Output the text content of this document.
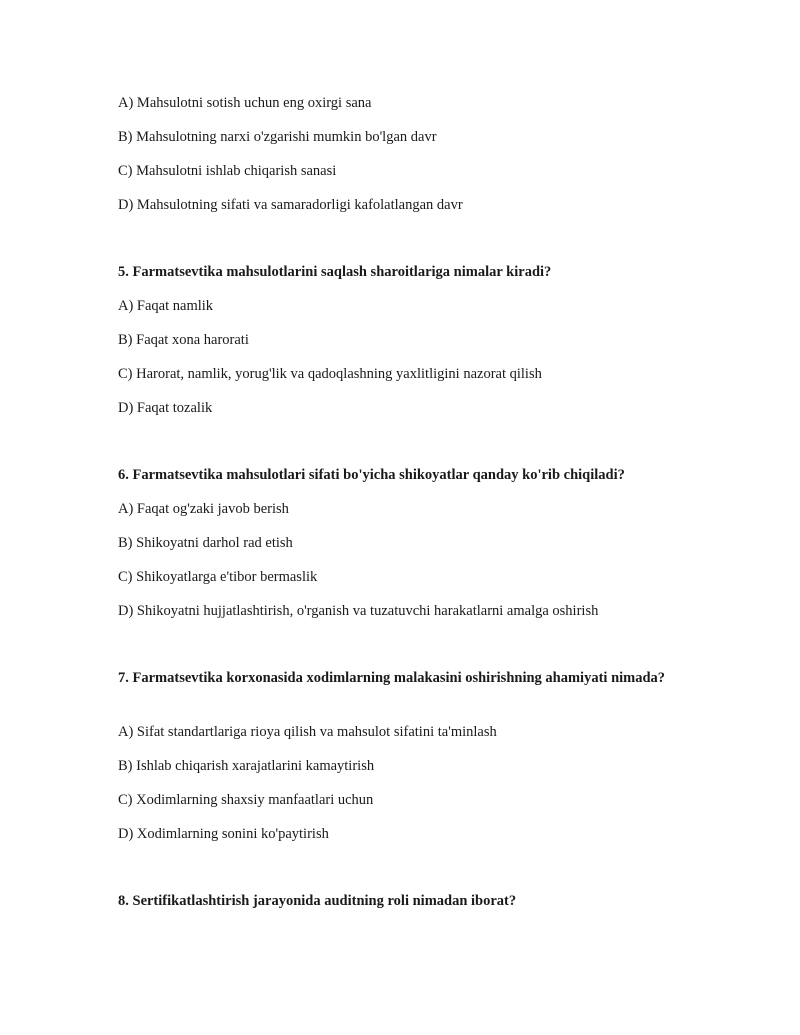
A) Mahsulotni sotish uchun eng oxirgi sana
B) Mahsulotning narxi o'zgarishi mumkin bo'lgan davr
C) Mahsulotni ishlab chiqarish sanasi
D) Mahsulotning sifati va samaradorligi kafolatlangan davr
5. Farmatsevtika mahsulotlarini saqlash sharoitlariga nimalar kiradi?
A) Faqat namlik
B) Faqat xona harorati
C) Harorat, namlik, yorug'lik va qadoqlashning yaxlitligini nazorat qilish
D) Faqat tozalik
6. Farmatsevtika mahsulotlari sifati bo'yicha shikoyatlar qanday ko'rib chiqiladi?
A) Faqat og'zaki javob berish
B) Shikoyatni darhol rad etish
C) Shikoyatlarga e'tibor bermaslik
D) Shikoyatni hujjatlashtirish, o'rganish va tuzatuvchi harakatlarni amalga oshirish
7. Farmatsevtika korxonasida xodimlarning malakasini oshirishning ahamiyati nimada?
A) Sifat standartlariga rioya qilish va mahsulot sifatini ta'minlash
B) Ishlab chiqarish xarajatlarini kamaytirish
C) Xodimlarning shaxsiy manfaatlari uchun
D) Xodimlarning sonini ko'paytirish
8. Sertifikatlashtirish jarayonida auditning roli nimadan iborat?
